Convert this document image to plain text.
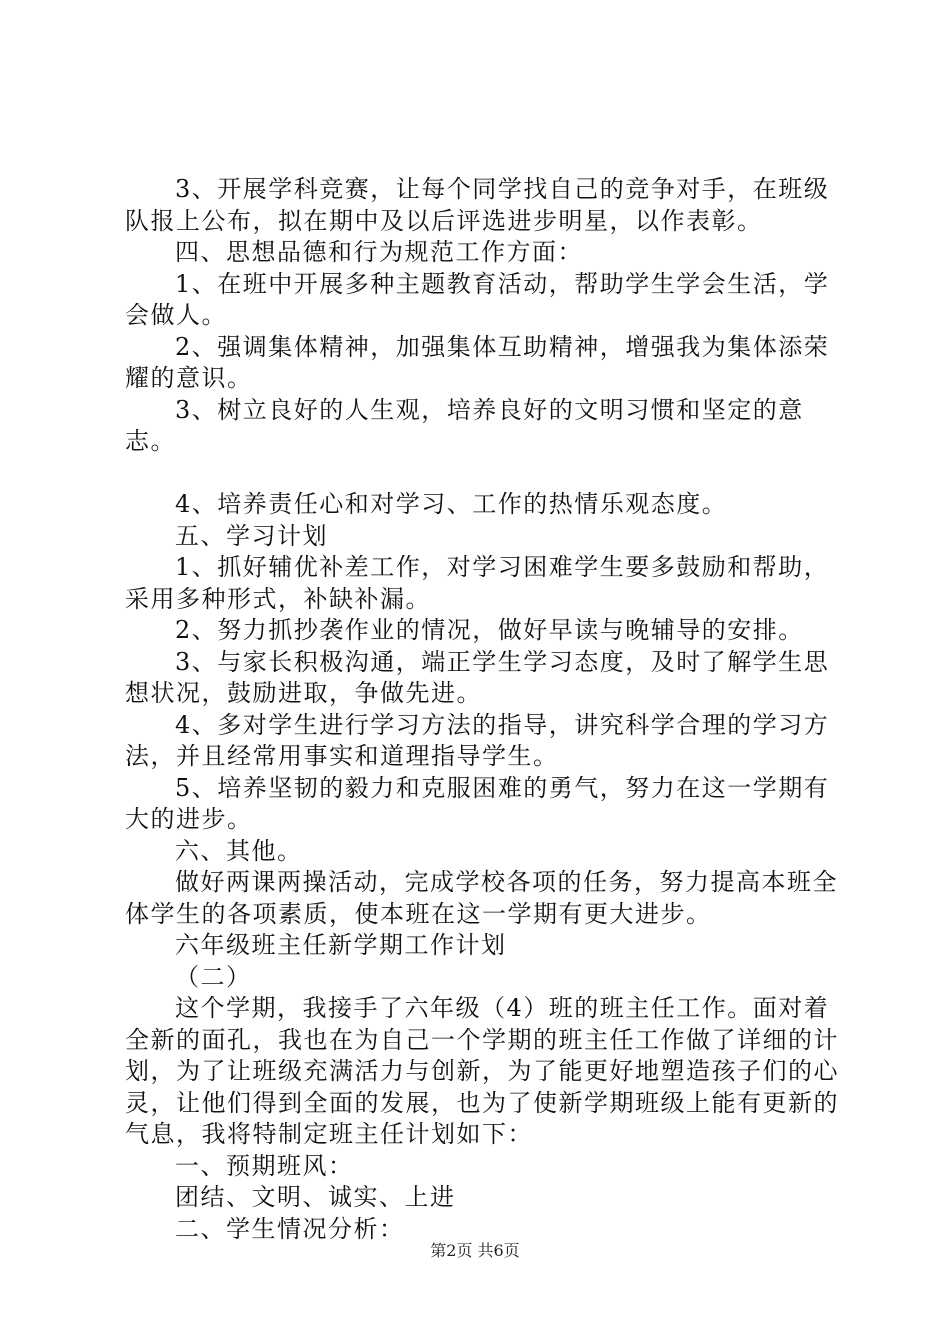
3、开展学科竞赛，让每个同学找自己的竞争对手，在班级队报上公布，拟在期中及以后评选进步明星，以作表彰。

四、思想品德和行为规范工作方面：

1、在班中开展多种主题教育活动，帮助学生学会生活，学会做人。

2、强调集体精神，加强集体互助精神，增强我为集体添荣耀的意识。

3、树立良好的人生观，培养良好的文明习惯和坚定的意志。

4、培养责任心和对学习、工作的热情乐观态度。

五、学习计划

1、抓好辅优补差工作，对学习困难学生要多鼓励和帮助，采用多种形式，补缺补漏。

2、努力抓抄袭作业的情况，做好早读与晚辅导的安排。

3、与家长积极沟通，端正学生学习态度，及时了解学生思想状况，鼓励进取，争做先进。

4、多对学生进行学习方法的指导，讲究科学合理的学习方法，并且经常用事实和道理指导学生。

5、培养坚韧的毅力和克服困难的勇气，努力在这一学期有大的进步。

六、其他。

做好两课两操活动，完成学校各项的任务，努力提高本班全体学生的各项素质，使本班在这一学期有更大进步。

六年级班主任新学期工作计划

（二）

这个学期，我接手了六年级（4）班的班主任工作。面对着全新的面孔，我也在为自己一个学期的班主任工作做了详细的计划，为了让班级充满活力与创新，为了能更好地塑造孩子们的心灵，让他们得到全面的发展，也为了使新学期班级上能有更新的气息，我将特制定班主任计划如下：

一、预期班风：

团结、文明、诚实、上进

二、学生情况分析：

第2页 共6页
